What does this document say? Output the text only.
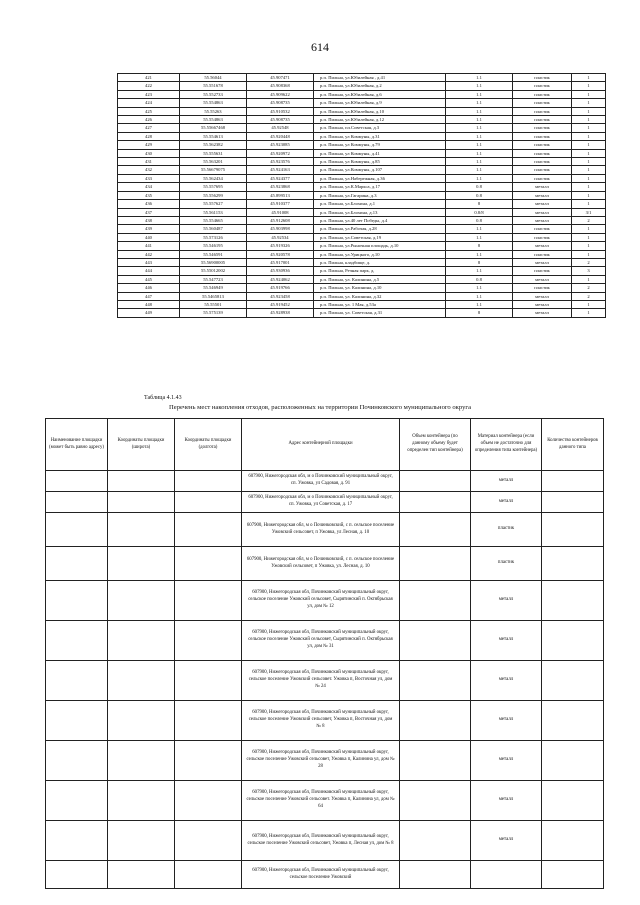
614
421	55.56044	45.907471	р.п. Пильна, ул.Юбилейная , д.41	1.1	пластик	1
422	55.551678	45.908368	р.п. Пильна, ул.Юбилейная, д.2	1.1	пластик	1
423	55.552733	45.909622	р.п. Пильна, ул.Юбилейная, д.6	1.1	пластик	1
424	55.554863	45.908735	р.п. Пильна, ул.Юбилейная, д.9	1.1	пластик	1
425	55.55263	45.910532	р.п. Пильна, ул.Юбилейная, д.10	1.1	пластик	1
426	55.554863	45.908735	р.п. Пильна, ул.Юбилейная, д.12	1.1	пластик	1
427	55.55667468	45.92548	р.п. Пильна, пл.Советская, д.3	1.1	пластик	1
428	55.554613	45.920448	р.п. Пильна, ул Коммуны, д.31	1.1	пластик	1
429	55.562382	45.923085	р.п. Пильна, ул Коммуны, д.79	1.1	пластик	1
430	55.555631	45.920972	р.п. Пильна, ул Коммуны, д.41	1.1	пластик	1
431	55.563201	45.923576	р.п. Пильна, ул Коммуны, д.85	1.1	пластик	1
432	55.56679075	45.924163	р.п. Пильна, ул.Коммуны, д.107	1.1	пластик	1
433	55.562434	45.924377	р.п. Пильна, ул.Набережная, д.36	1.1	пластик	1
434	55.557695	45.923868	р.п. Пильна, ул.К.Маркса, д.17	0.8	металл	1
435	55.556299	45.899513	р.п. Пильна, ул.Гагарина, д.3	0.8	металл	1
436	55.557627	45.910377	р.п. Пильна, ул.Блохина, д.1	8	металл	1
437	55.561153	45.91008	р.п. Пильна, ул.Блохина, д.13	0.8/8	металл	3/1
438	55.554665	45.912608	р.п. Пильна, ул.40 лет Победы, д.4	0.8	металл	2
439	55.560487	45.903998	р.п. Пильна, ул.Рабочая, д.28	1.1	пластик	1
440	55.573126	45.92534	р.п. Пильна, ул.Советская, д.19	1.1	пластик	1
441	55.546195	45.919326	р.п. Пильна, ул.Рыночная площадь, д.10	8	металл	1
442	55.546591	45.920578	р.п. Пильна, ул.Урицкого, д.10	1.1	пластик	1
443	55.56900005	45.917001	р.п. Пильна, кладбище, д.	8	металл	2
444	55.55012002	45.930936	р.п. Пильна, Речная парк, д.	1.1	пластик	3
445	55.547723	45.924062	р.п. Пильна, ул. Калинина, д.5	0.8	металл	1
446	55.546949	45.919766	р.п. Пильна, ул. Калинина, д.10	1.1	пластик	2
447	55.5465813	45.923458	р.п. Пильна, ул. Калинина, д.32	1.1	металл	2
448	55.55501	45.919452	р.п. Пильна, ул. 1 Мая, д.53а	1.1	металл	1
449	55.575139	45.928938	р.п. Пильна, ул. Советская, д.31	8	металл	1
Таблица 4.1.43
Перечень мест накопления отходов, расположенных на территории Починковского муниципального округа
Наименование площадки (может быть равно адресу)	Координаты площадки (широта)	Координаты площадки (долгота)	Адрес контейнерной площадки	Объем контейнера (по данному объему будет определен тип контейнера)	Материал контейнера (если объем не достаточно для определения типа контейнера)	Количество контейнеров данного типа
			607900, Нижегородская обл, м о Починковский муниципальный округ, сп. Ужовка, ул Садовая, д. 91		металл	
			607900, Нижегородская обл, м о Починковский муниципальный округ, сп. Ужовка, ул Советская, д. 17		металл	
			607900, Нижегородская обл, м о Починковский, с п. сельское поселение Ужовский сельсовет, п Ужовка, ул Лесная, д. 10		пластик	
			607900, Нижегородская обл, м о Починковский, с п. сельское поселение Ужовский сельсовет, п Ужовка, ул. Лесная, д. 10		пластик	
			607900, Нижегородская обл, Починковский муниципальный округ, сельское поселение Ужовский сельсовет, Сырятинский п. Октябрьская ул, дом № 12		металл	
			607900, Нижегородская обл, Починковский муниципальный округ, сельское поселение Ужовский сельсовет, Сырятинский п. Октябрьская ул, дом № 31		металл	
			607900, Нижегородская обл, Починковский муниципальный округ, сельское поселение Ужовский сельсовет. Ужовка п, Восточная ул, дом № 24		металл	
			607900, Нижегородская обл, Починковский муниципальный округ, сельское поселение Ужовский сельсовет, Ужовка п, Восточная ул, дом № 8		металл	
			607900, Нижегородская обл, Починковский муниципальный округ, сельское поселение Ужовский сельсовет, Ужовка п, Калинина ул, дом № 28		металл	
			607900, Нижегородская обл, Починковский муниципальный округ, сельское поселение Ужовский сельсовет. Ужовка п, Калинина ул, дом № 64		металл	
			607900, Нижегородская обл, Починковский муниципальный округ, сельское поселение Ужовский сельсовет, Ужовка п, Лесная ул, дом № 8		металл	
			607900, Нижегородская обл, Починковский муниципальный округ, сельское поселение Ужовский			
